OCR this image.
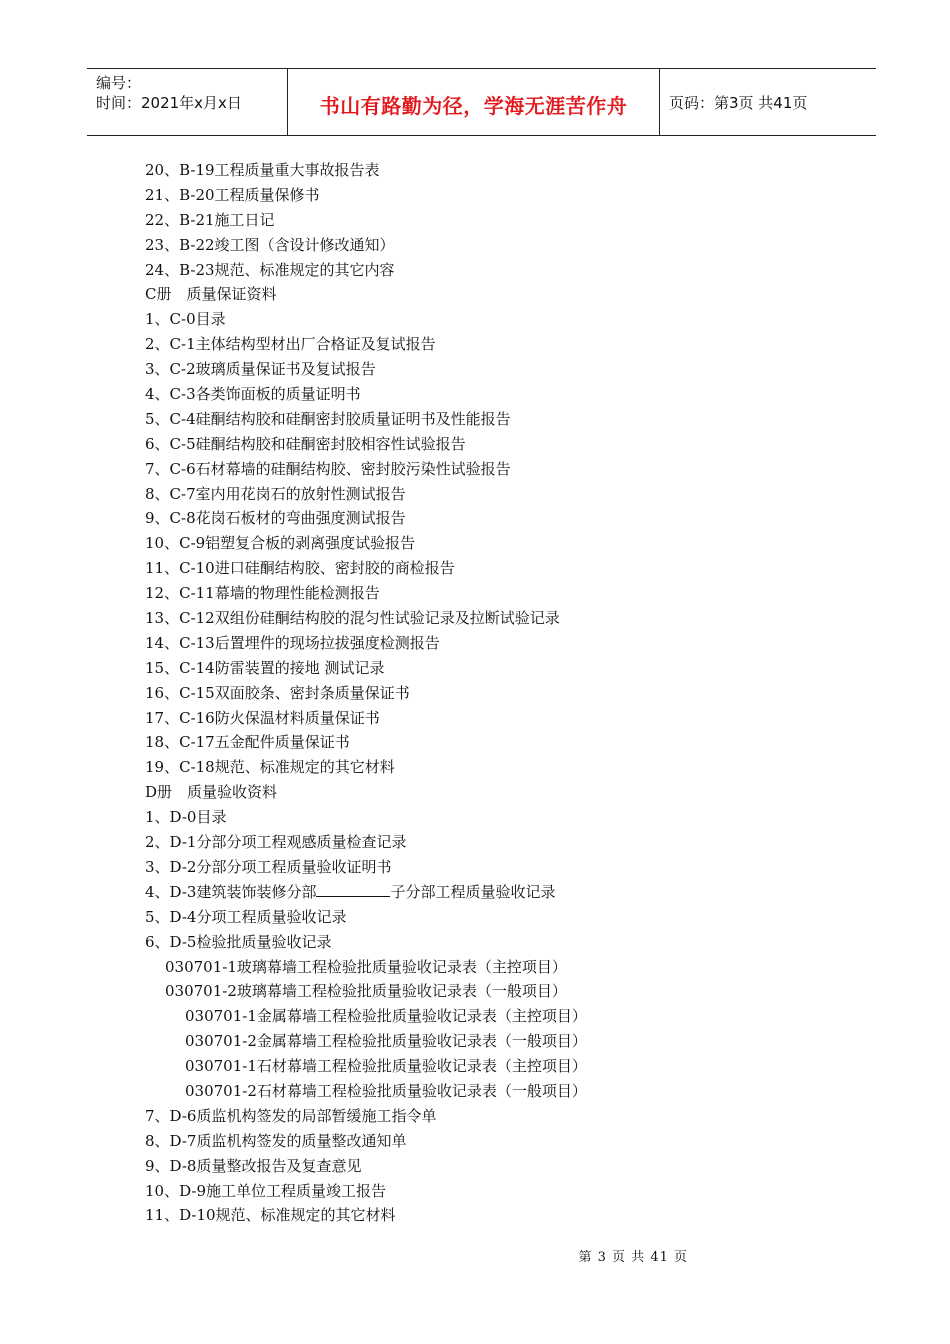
编号：
时间：2021年x月x日	书山有路勤为径，学海无涯苦作舟	页码：第3页 共41页
20、B-19工程质量重大事故报告表
21、B-20工程质量保修书
22、B-21施工日记
23、B-22竣工图（含设计修改通知）
24、B-23规范、标准规定的其它内容
C册　质量保证资料
1、C-0目录
2、C-1主体结构型材出厂合格证及复试报告
3、C-2玻璃质量保证书及复试报告
4、C-3各类饰面板的质量证明书
5、C-4硅酮结构胶和硅酮密封胶质量证明书及性能报告
6、C-5硅酮结构胶和硅酮密封胶相容性试验报告
7、C-6石材幕墙的硅酮结构胶、密封胶污染性试验报告
8、C-7室内用花岗石的放射性测试报告
9、C-8花岗石板材的弯曲强度测试报告
10、C-9铝塑复合板的剥离强度试验报告
11、C-10进口硅酮结构胶、密封胶的商检报告
12、C-11幕墙的物理性能检测报告
13、C-12双组份硅酮结构胶的混匀性试验记录及拉断试验记录
14、C-13后置埋件的现场拉拔强度检测报告
15、C-14防雷装置的接地 测试记录
16、C-15双面胶条、密封条质量保证书
17、C-16防火保温材料质量保证书
18、C-17五金配件质量保证书
19、C-18规范、标准规定的其它材料
D册　质量验收资料
1、D-0目录
2、D-1分部分项工程观感质量检查记录
3、D-2分部分项工程质量验收证明书
4、D-3建筑装饰装修分部	子分部工程质量验收记录
5、D-4分项工程质量验收记录
6、D-5检验批质量验收记录
030701-1玻璃幕墙工程检验批质量验收记录表（主控项目）
030701-2玻璃幕墙工程检验批质量验收记录表（一般项目）
030701-1金属幕墙工程检验批质量验收记录表（主控项目）
030701-2金属幕墙工程检验批质量验收记录表（一般项目）
030701-1石材幕墙工程检验批质量验收记录表（主控项目）
030701-2石材幕墙工程检验批质量验收记录表（一般项目）
7、D-6质监机构签发的局部暂缓施工指令单
8、D-7质监机构签发的质量整改通知单
9、D-8质量整改报告及复查意见
10、D-9施工单位工程质量竣工报告
11、D-10规范、标准规定的其它材料
第 3 页 共 41 页
